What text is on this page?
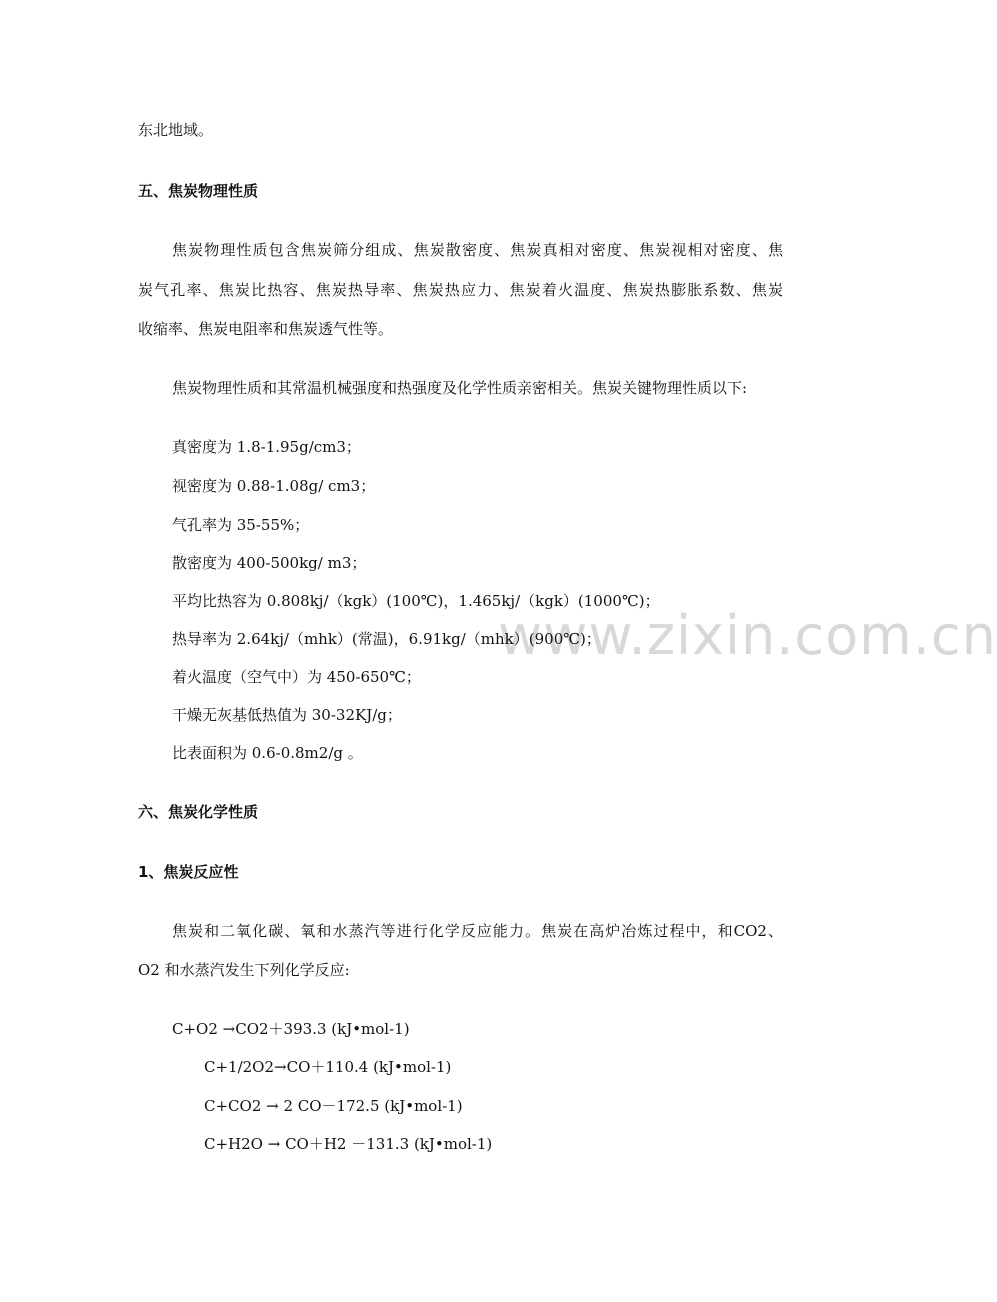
www.zixin.com.cn
东北地域。
五、焦炭物理性质
焦炭物理性质包含焦炭筛分组成、焦炭散密度、焦炭真相对密度、焦炭视相对密度、焦
炭气孔率、焦炭比热容、焦炭热导率、焦炭热应力、焦炭着火温度、焦炭热膨胀系数、焦炭
收缩率、焦炭电阻率和焦炭透气性等。
焦炭物理性质和其常温机械强度和热强度及化学性质亲密相关。焦炭关键物理性质以下:
真密度为 1.8-1.95g/cm3；
视密度为 0.88-1.08g/ cm3；
气孔率为 35-55%；
散密度为 400-500kg/ m3；
平均比热容为 0.808kj/（kgk）(100℃)，1.465kj/（kgk）(1000℃)；
热导率为 2.64kj/（mhk）(常温)，6.91kg/（mhk）(900℃)；
着火温度（空气中）为 450-650℃；
干燥无灰基低热值为 30-32KJ/g；
比表面积为 0.6-0.8m2/g 。
六、焦炭化学性质
1、焦炭反应性
焦炭和二氧化碳、氧和水蒸汽等进行化学反应能力。焦炭在高炉冶炼过程中，和CO2、
O2 和水蒸汽发生下列化学反应:
C+O2 →CO2＋393.3 (kJ•mol-1)
C+1/2O2→CO＋110.4 (kJ•mol-1)
C+CO2 → 2 CO－172.5 (kJ•mol-1)
C+H2O → CO＋H2 －131.3 (kJ•mol-1)
